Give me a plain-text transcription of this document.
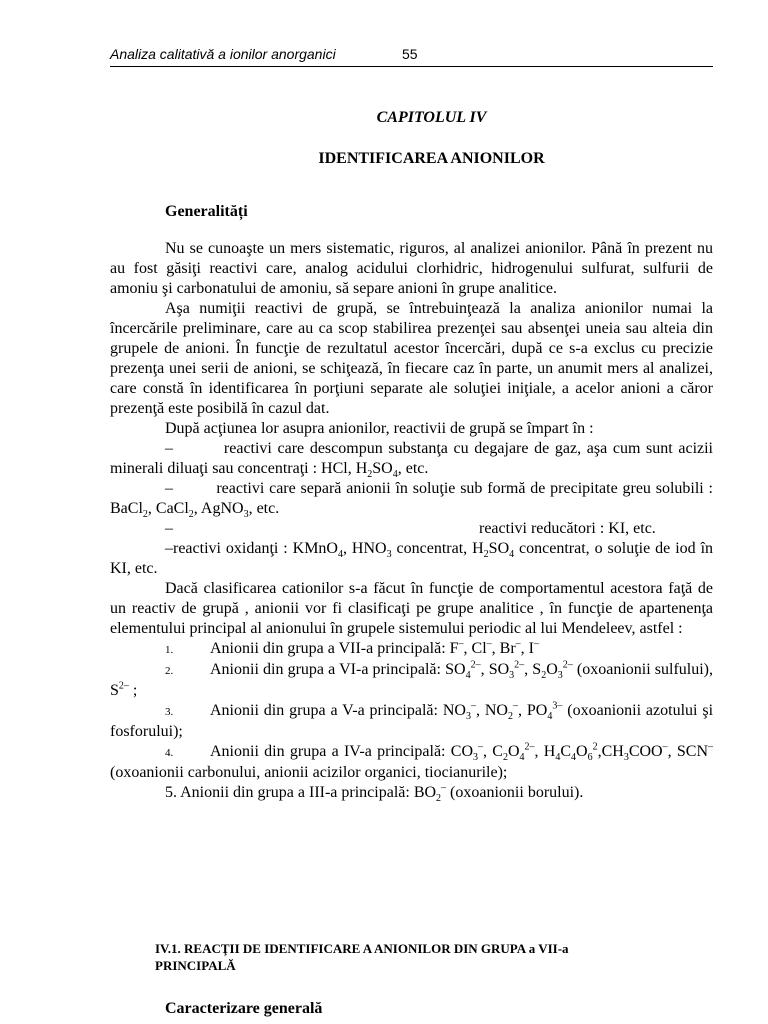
Analiza calitativă a ionilor anorganici	55
CAPITOLUL IV
IDENTIFICAREA ANIONILOR
Generalități

Nu se cunoaşte un mers sistematic, riguros, al analizei anionilor. Până în prezent nu au fost găsiţi reactivi care, analog acidului clorhidric, hidrogenului sulfurat, sulfurii de amoniu şi carbonatului de amoniu, să separe anioni în grupe analitice.

Aşa numiţii reactivi de grupă, se întrebuinţează la analiza anionilor numai la încercările preliminare, care au ca scop stabilirea prezenţei sau absenţei uneia sau alteia din grupele de anioni. În funcţie de rezultatul acestor încercări, după ce s-a exclus cu precizie prezenţa unei serii de anioni, se schiţează, în fiecare caz în parte, un anumit mers al analizei, care constă în identificarea în porţiuni separate ale soluţiei iniţiale, a acelor anioni a căror prezenţă este posibilă în cazul dat.

După acţiunea lor asupra anionilor, reactivii de grupă se împart în :

–         reactivi care descompun substanţa cu degajare de gaz, aşa cum sunt acizii minerali diluaţi sau concentraţi : HCl, $H_2SO_4$, etc.

–         reactivi care separă anionii în soluţie sub formă de precipitate greu solubili : BaCl$_2$, CaCl$_2$, AgNO$_3$, etc.

–	reactivi reducători : KI, etc.

–reactivi oxidanţi : KMnO$_4$, $HNO_3$ concentrat, $H_2SO_4$ concentrat, o soluţie de iod în KI, etc.

Dacă clasificarea cationilor s-a făcut în funcţie de comportamentul acestora faţă de un reactiv de grupă , anionii vor fi clasificaţi pe grupe analitice , în funcţie de apartenenţa elementului principal al anionului în grupele sistemului periodic al lui Mendeleev, astfel :

1. Anionii din grupa a VII-a principală: F–, Cl–, Br–, I–

2. Anionii din grupa a VI-a principală: $SO_4^{2-}$, $SO_3^{2-}$, $S_2O_3^{2-}$ (oxoanionii sulfului), $S^{2-}$ ;

3. Anionii din grupa a V-a principală: $NO_3^-$, $NO_2^-$, $PO_4^{3-}$ (oxoanionii azotului şi fosforului);

4. Anionii din grupa a IV-a principală: $CO_3^-$, $C_2O_4^{2-}$, $H_4C_4O_6^2,CH_3COO^-$, SCN– (oxoanionii carbonului, anionii acizilor organici, tiocianurile);

5. Anionii din grupa a III-a principală: $BO_2^-$ (oxoanionii borului).

IV.1. REACŢII DE IDENTIFICARE A ANIONILOR DIN GRUPA a VII-a
PRINCIPALĂ
Caracterizare generală
